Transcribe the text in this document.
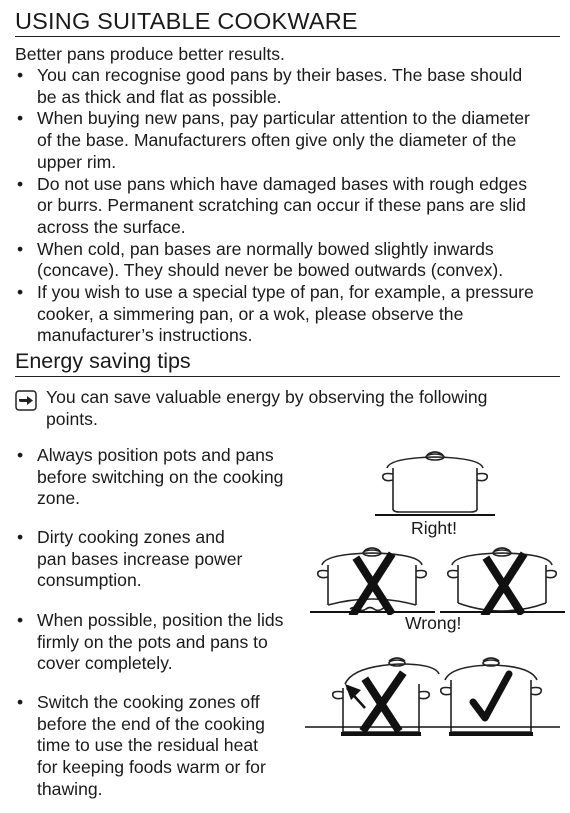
USING SUITABLE COOKWARE
Better pans produce better results.
• You can recognise good pans by their bases. The base should
be as thick and flat as possible.
• When buying new pans, pay particular attention to the diameter
of the base. Manufacturers often give only the diameter of the
upper rim.
• Do not use pans which have damaged bases with rough edges
or burrs. Permanent scratching can occur if these pans are slid
across the surface.
• When cold, pan bases are normally bowed slightly inwards
(concave). They should never be bowed outwards (convex).
• If you wish to use a special type of pan, for example, a pressure
cooker, a simmering pan, or a wok, please observe the
manufacturer’s instructions.
Energy saving tips
You can save valuable energy by observing the following
points.
• Always position pots and pans
before switching on the cooking
zone.
• Dirty cooking zones and
pan bases increase power
consumption.
• When possible, position the lids
firmly on the pots and pans to
cover completely.
• Switch the cooking zones off
before the end of the cooking
time to use the residual heat
for keeping foods warm or for
thawing.
Right!
Wrong!
